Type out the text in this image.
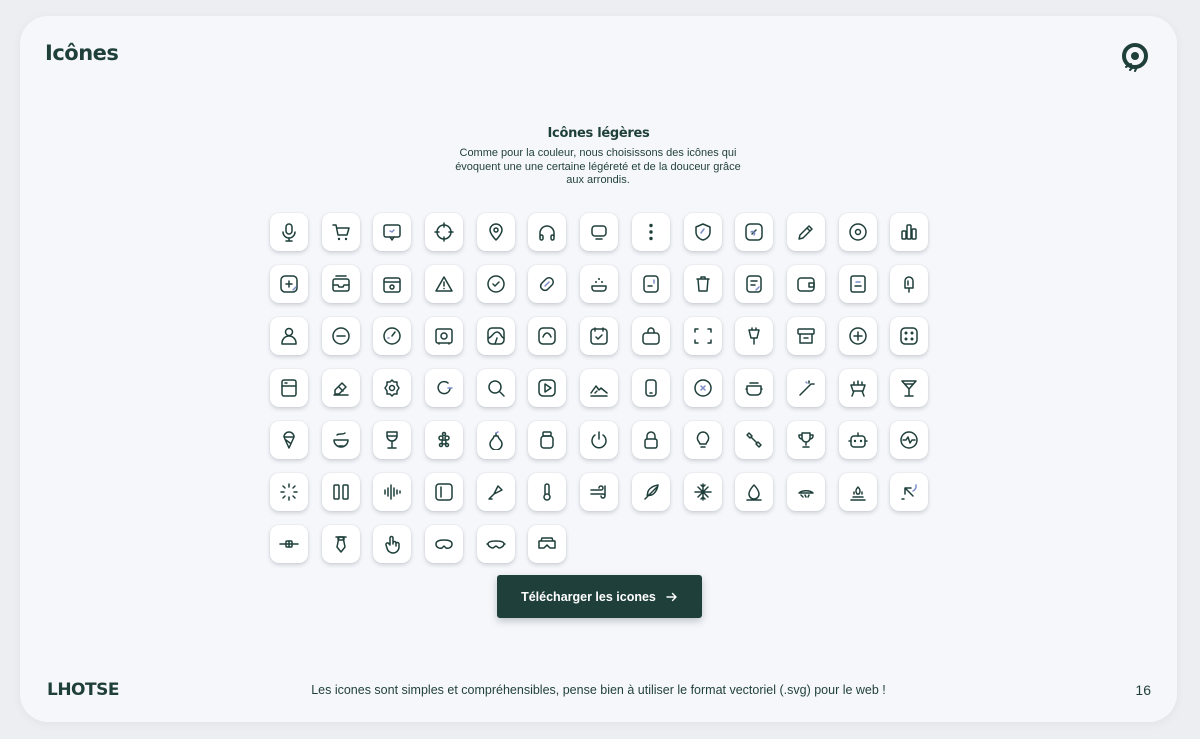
Icônes
Icônes légères

Comme pour la couleur, nous choisissons des icônes qui évoquent une une certaine légéreté et de la douceur grâce aux arrondis.

Télécharger les icones
LHOTSE	Les icones sont simples et compréhensibles, pense bien à utiliser le format vectoriel (.svg) pour le web !	16
